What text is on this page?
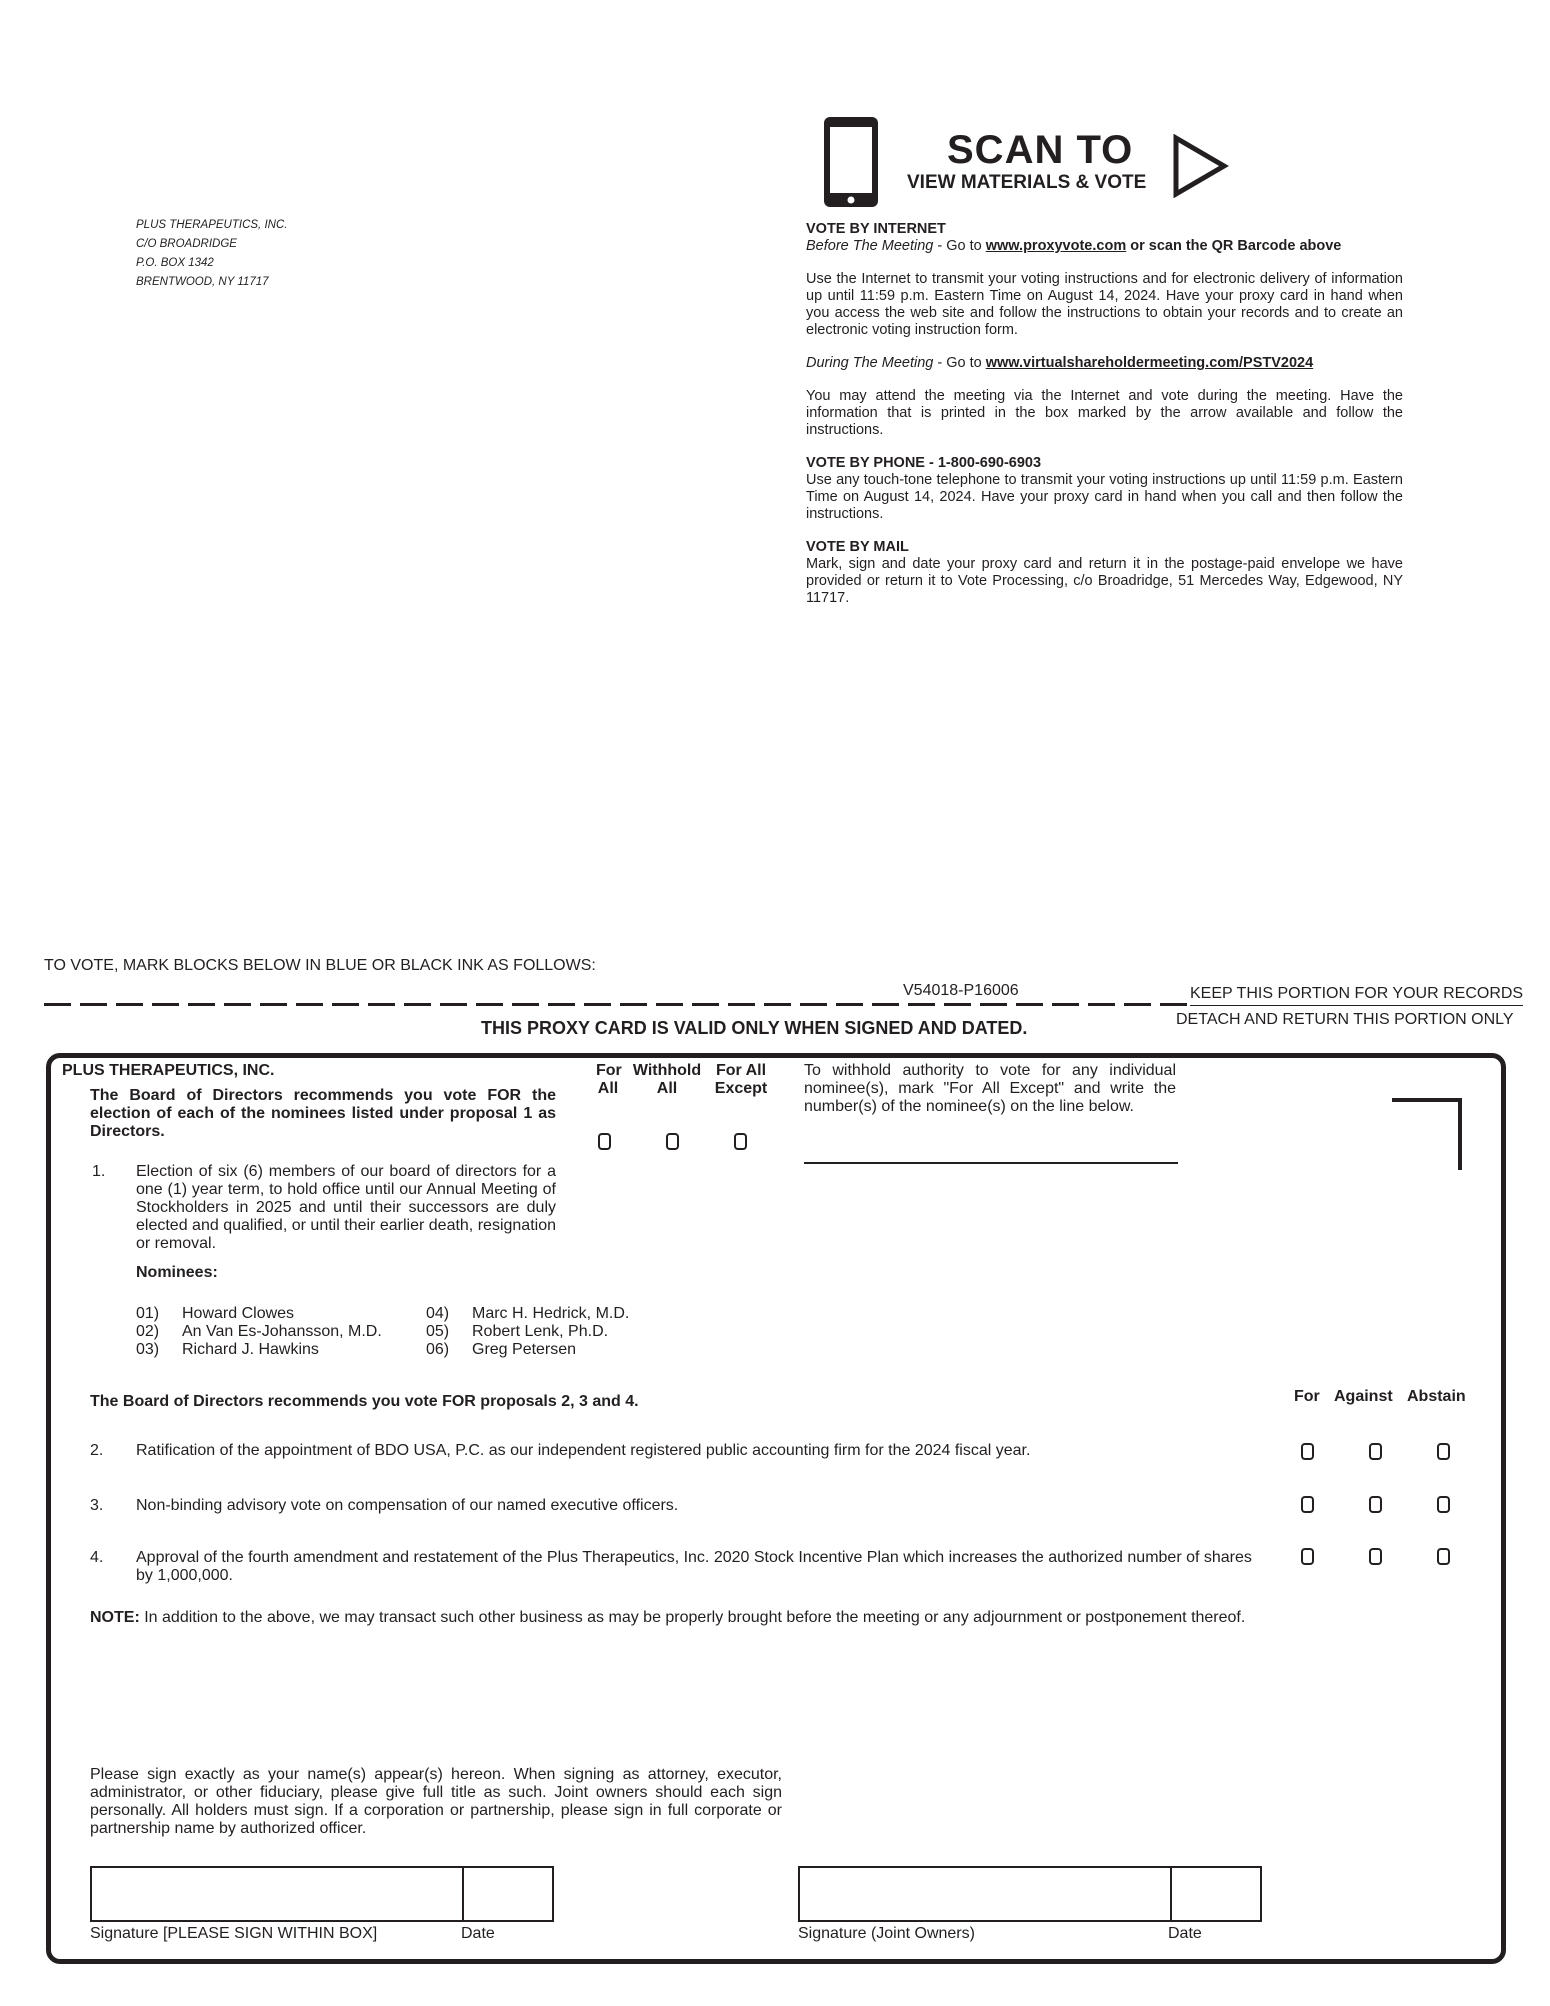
PLUS THERAPEUTICS, INC.
C/O BROADRIDGE
P.O. BOX 1342
BRENTWOOD, NY 11717
SCAN TO
VIEW MATERIALS & VOTE
VOTE BY INTERNET

Before The Meeting - Go to www.proxyvote.com or scan the QR Barcode above

Use the Internet to transmit your voting instructions and for electronic delivery of information up until 11:59 p.m. Eastern Time on August 14, 2024. Have your proxy card in hand when you access the web site and follow the instructions to obtain your records and to create an electronic voting instruction form.

During The Meeting - Go to www.virtualshareholdermeeting.com/PSTV2024

You may attend the meeting via the Internet and vote during the meeting. Have the information that is printed in the box marked by the arrow available and follow the instructions.

VOTE BY PHONE - 1-800-690-6903

Use any touch-tone telephone to transmit your voting instructions up until 11:59 p.m. Eastern Time on August 14, 2024. Have your proxy card in hand when you call and then follow the instructions.

VOTE BY MAIL

Mark, sign and date your proxy card and return it in the postage-paid envelope we have provided or return it to Vote Processing, c/o Broadridge, 51 Mercedes Way, Edgewood, NY 11717.

TO VOTE, MARK BLOCKS BELOW IN BLUE OR BLACK INK AS FOLLOWS:
V54018-P16006	KEEP THIS PORTION FOR YOUR RECORDS
DETACH AND RETURN THIS PORTION ONLY
THIS PROXY CARD IS VALID ONLY WHEN SIGNED AND DATED.
PLUS THERAPEUTICS, INC.
The Board of Directors recommends you vote FOR the election of each of the nominees listed under proposal 1 as Directors.
For
All
Withhold
All
For All
Except
To withhold authority to vote for any individual nominee(s), mark "For All Except" and write the number(s) of the nominee(s) on the line below.
1. Election of six (6) members of our board of directors for a one (1) year term, to hold office until our Annual Meeting of Stockholders in 2025 and until their successors are duly elected and qualified, or until their earlier death, resignation or removal.
Nominees:
01) Howard Clowes
02) An Van Es-Johansson, M.D.
03) Richard J. Hawkins
04) Marc H. Hedrick, M.D.
05) Robert Lenk, Ph.D.
06) Greg Petersen
The Board of Directors recommends you vote FOR proposals 2, 3 and 4.	For Against Abstain
2. Ratification of the appointment of BDO USA, P.C. as our independent registered public accounting firm for the 2024 fiscal year.
3. Non-binding advisory vote on compensation of our named executive officers.
4. Approval of the fourth amendment and restatement of the Plus Therapeutics, Inc. 2020 Stock Incentive Plan which increases the authorized number of shares by 1,000,000.
NOTE: In addition to the above, we may transact such other business as may be properly brought before the meeting or any adjournment or postponement thereof.
Please sign exactly as your name(s) appear(s) hereon. When signing as attorney, executor, administrator, or other fiduciary, please give full title as such. Joint owners should each sign personally. All holders must sign. If a corporation or partnership, please sign in full corporate or partnership name by authorized officer.
Signature [PLEASE SIGN WITHIN BOX]	Date	Signature (Joint Owners)	Date
